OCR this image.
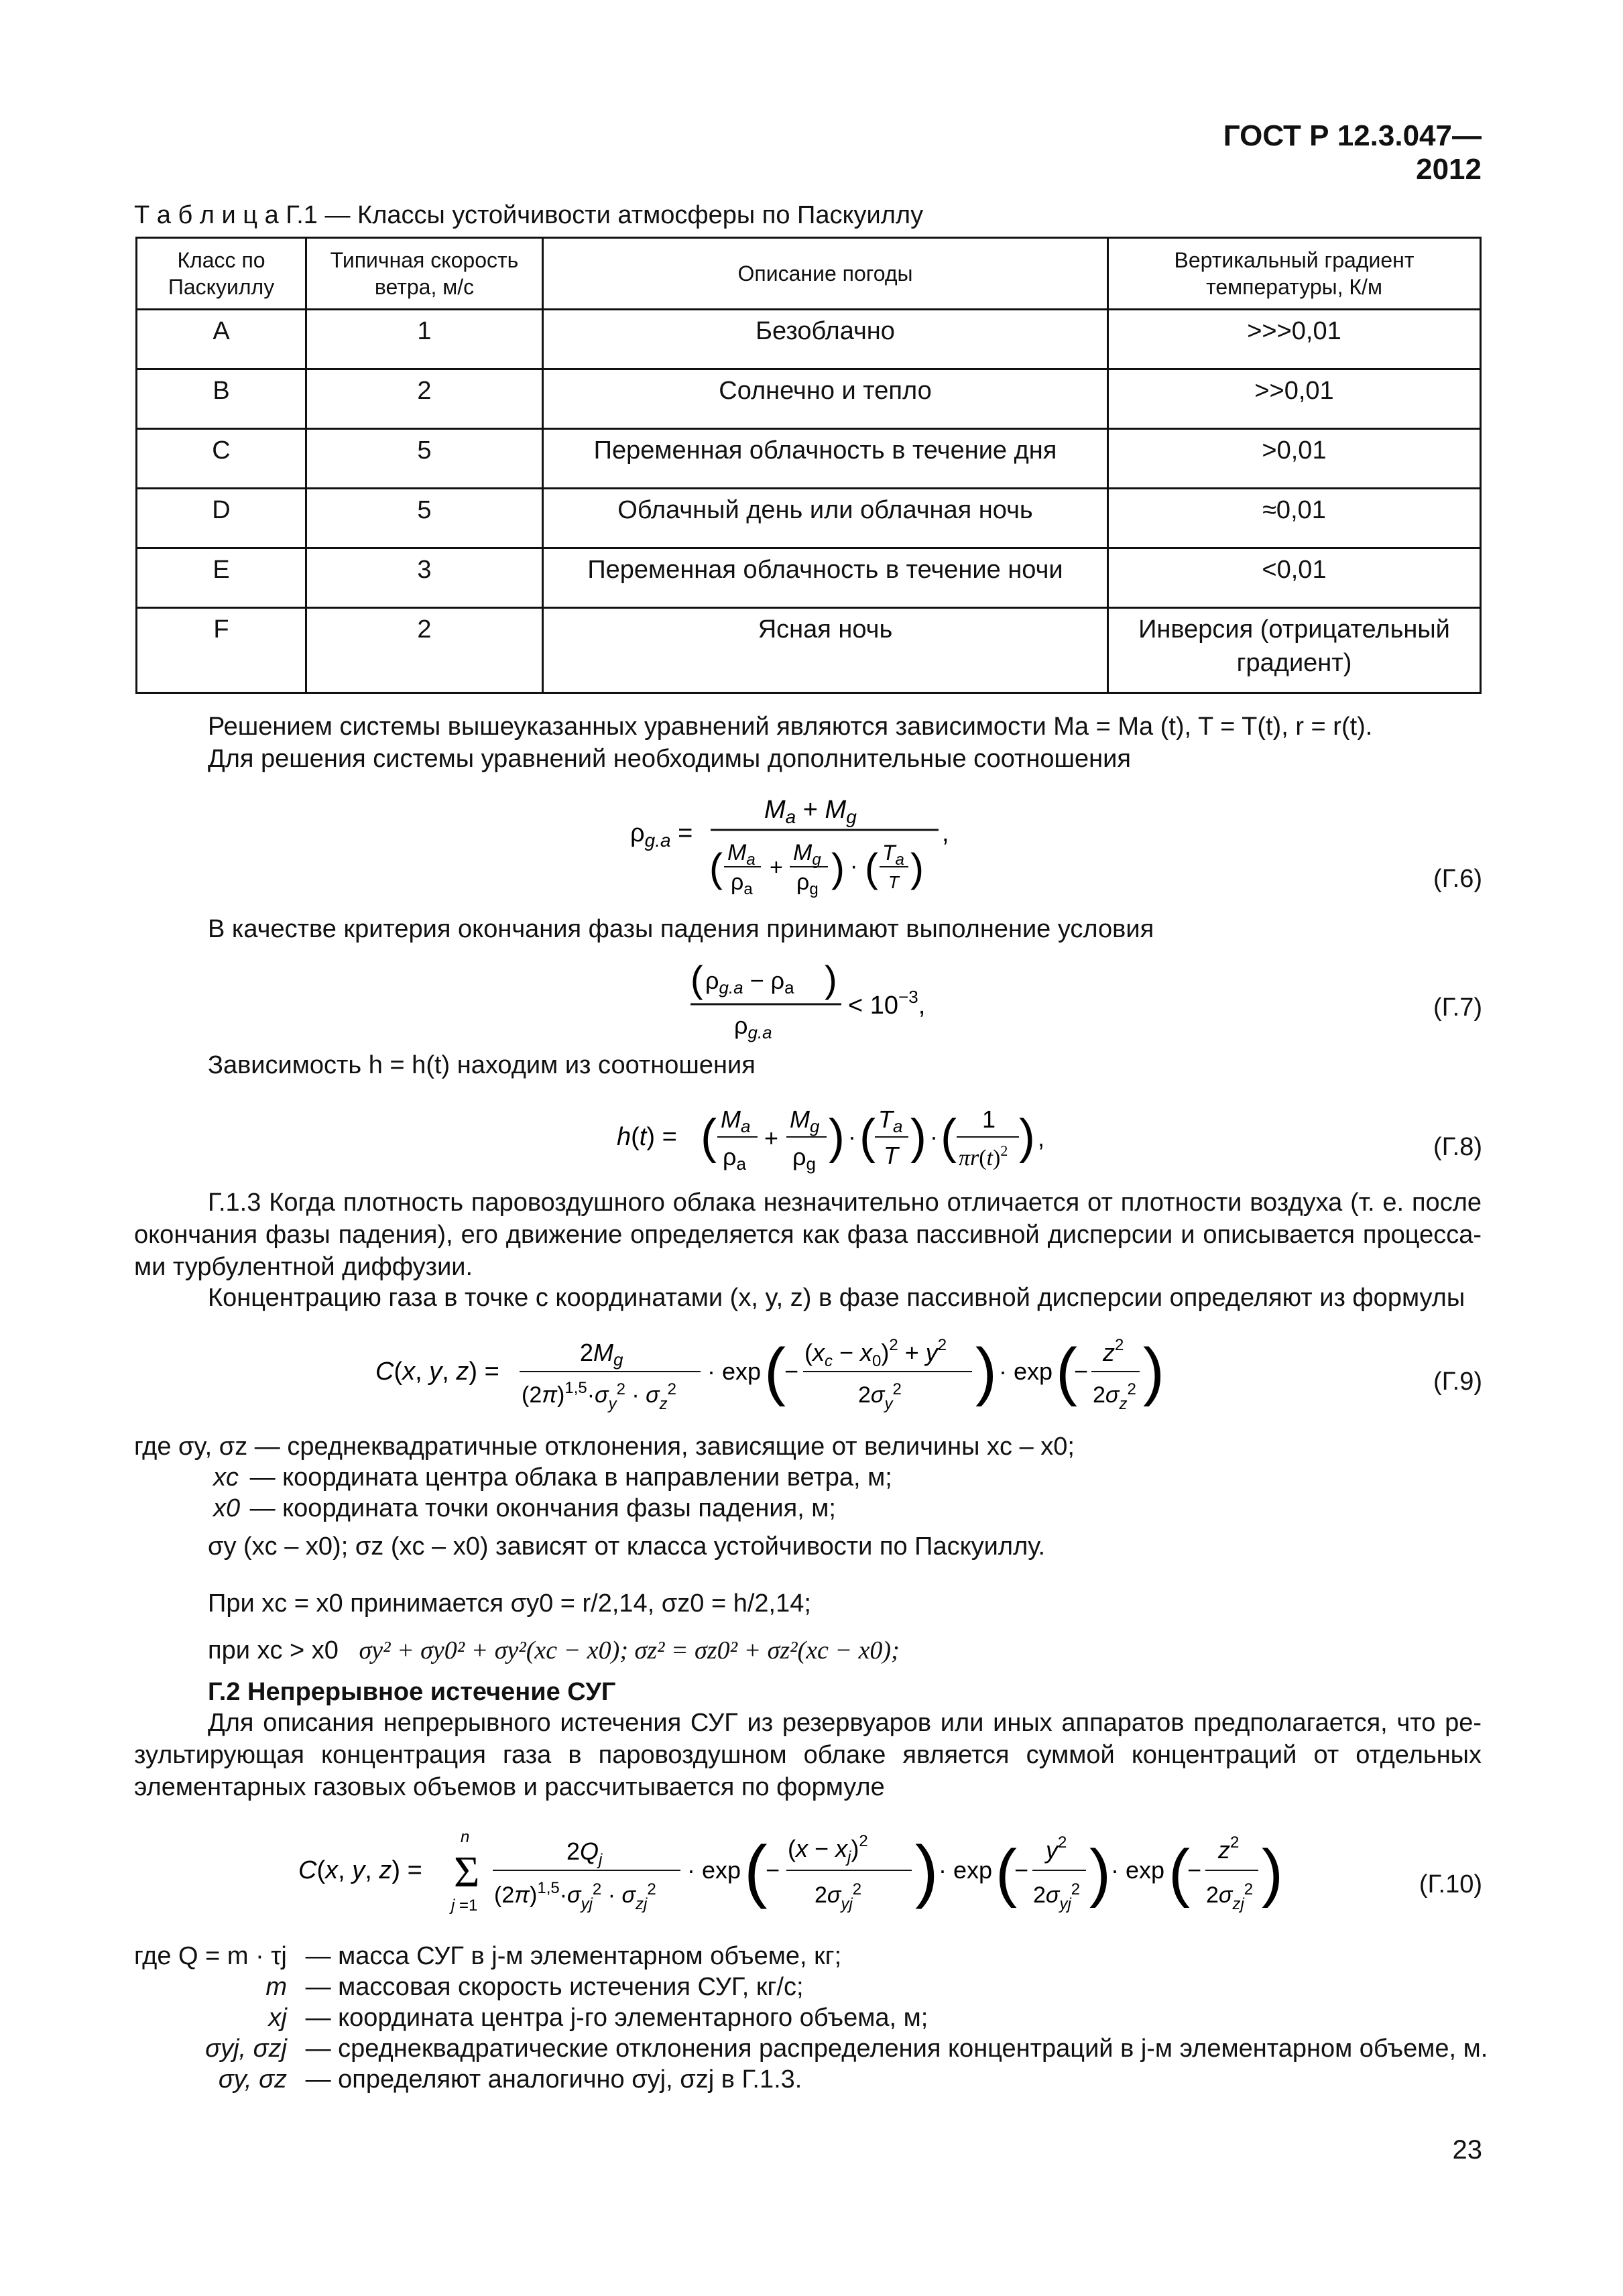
ГОСТ Р 12.3.047—2012
Т а б л и ц а Г.1 — Классы устойчивости атмосферы по Паскуиллу
Класс по Паскуиллу	Типичная скорость ветра, м/с	Описание погоды	Вертикальный градиент температуры, К/м
A	1	Безоблачно	>>>0,01
B	2	Солнечно и тепло	>>0,01
C	5	Переменная облачность в течение дня	>0,01
D	5	Облачный день или облачная ночь	≈0,01
E	3	Переменная облачность в течение ночи	<0,01
F	2	Ясная ночь	Инверсия (отрицательный градиент)

Решением системы вышеуказанных уравнений являются зависимости Ma = Ma (t), T = T(t), r = r(t).

Для решения системы уравнений необходимы дополнительные соотношения

$\rho_{g.a}$ =
$M_a + M_g$
( $M_a$
$\rho_a$
+
$M_g$
$\rho_g$ ) · ( $T_a$
T )
,
(Г.6)

В качестве критерия окончания фазы падения принимают выполнение условия

( ρg.a − ρa )
ρg.a
< $10^{-3}$,	(Г.7)

Зависимость h = h(t) находим из соотношения

h(t) = ( Ma
ρa
+
Mg
ρg ) · ( Ta
T ) · ( 1
$\pi r(t)^2$ ) ,	(Г.8)

Г.1.3 Когда плотность паровоздушного облака незначительно отличается от плотности воздуха (т. е. после окончания фазы падения), его движение определяется как фаза пассивной дисперсии и описывается процессами турбулентной диффузии.

Концентрацию газа в точке с координатами (x, y, z) в фазе пассивной дисперсии определяют из формулы

C(x, y, z) =
2Mg
$(2\pi)^{1,5}\cdot\sigma_y^2 \cdot \sigma_z^2$
· exp (
−
$(x_c - x_0)^2 + y^2$
$2\sigma_y^2$ ) · exp (
−
$z^2$
$2\sigma_z^2$ )	(Г.9)
где σy, σz — среднеквадратичные отклонения, зависящие от величины xc – x0;
xc — координата центра облака в направлении ветра, м;
x0 — координата точки окончания фазы падения, м;

σy (xc – x0); σz (xc – x0) зависят от класса устойчивости по Паскуиллу.

При xc = x0 принимается σy0 = r/2,14, σz0 = h/2,14;

при xc > x0 σy² + σy0² + σy²(xc − x0); σz² = σz0² + σz²(xc − x0);

Г.2 Непрерывное истечение СУГ

Для описания непрерывного истечения СУГ из резервуаров или иных аппаратов предполагается, что результирующая концентрация газа в паровоздушном облаке является суммой концентраций от отдельных элементарных газовых объемов и рассчитывается по формуле

C(x, y, z) =
n
Σ
j =1
$2Q_j$
$(2\pi)^{1,5}\cdot\sigma_{yj}^2 \cdot \sigma_{zj}^2$
· exp (
−
$(x - x_j)^2$
$2\sigma_{yj}^2$ ) · exp (
−
$y^2$
$2\sigma_{yj}^2$ ) · exp (
−
$z^2$
$2\sigma_{zj}^2$ )	(Г.10)
где Q = m · τj — масса СУГ в j-м элементарном объеме, кг;
m — массовая скорость истечения СУГ, кг/с;
xj — координата центра j-го элементарного объема, м;
σyj, σzj — среднеквадратические отклонения распределения концентраций в j-м элементарном объеме, м.
σy, σz — определяют аналогично σyj, σzj в Г.1.3.
23
